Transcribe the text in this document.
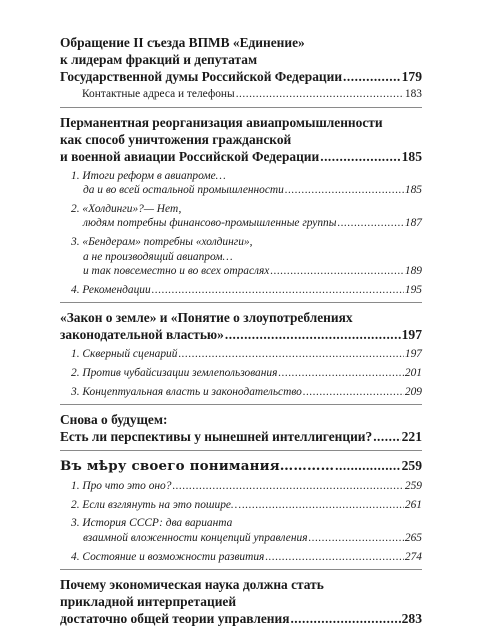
Обращение II съезда ВПМВ «Единение»
к лидерам фракций и депутатам
Государственной думы Российской Федерации .....	179
Контактные адреса и телефоны .....	183
Перманентная реорганизация авиапромышленности
как способ уничтожения гражданской
и военной авиации Российской Федерации .....	185
1. Итоги реформ в авиапроме…
да и во всей остальной промышленности .....	185
2. «Холдинги»?— Нет,
людям потребны финансово-промышленные группы .....	187
3. «Бендерам» потребны «холдинги»,
а не производящий авиапром…
и так повсеместно и во всех отраслях .....	189
4. Рекомендации .....	195
«Закон о земле» и «Понятие о злоупотреблениях
законодательной властью» .....	197
1. Скверный сценарий .....	197
2. Против чубайсизации землепользования .....	201
3. Концептуальная власть и законодательство .....	209
Снова о будущем:
Есть ли перспективы у нынешней интеллигенции? ..... 221
Въ мѣру своего понимания………… .....	259
1. Про что это оно? .....	259
2. Если взглянуть на это пошире… .....	261
3. История СССР: два варианта
взаимной вложенности концепций управления .....	265
4. Состояние и возможности развития .....	274
Почему экономическая наука должна стать
прикладной интерпретацией
достаточно общей теории управления .....	283
